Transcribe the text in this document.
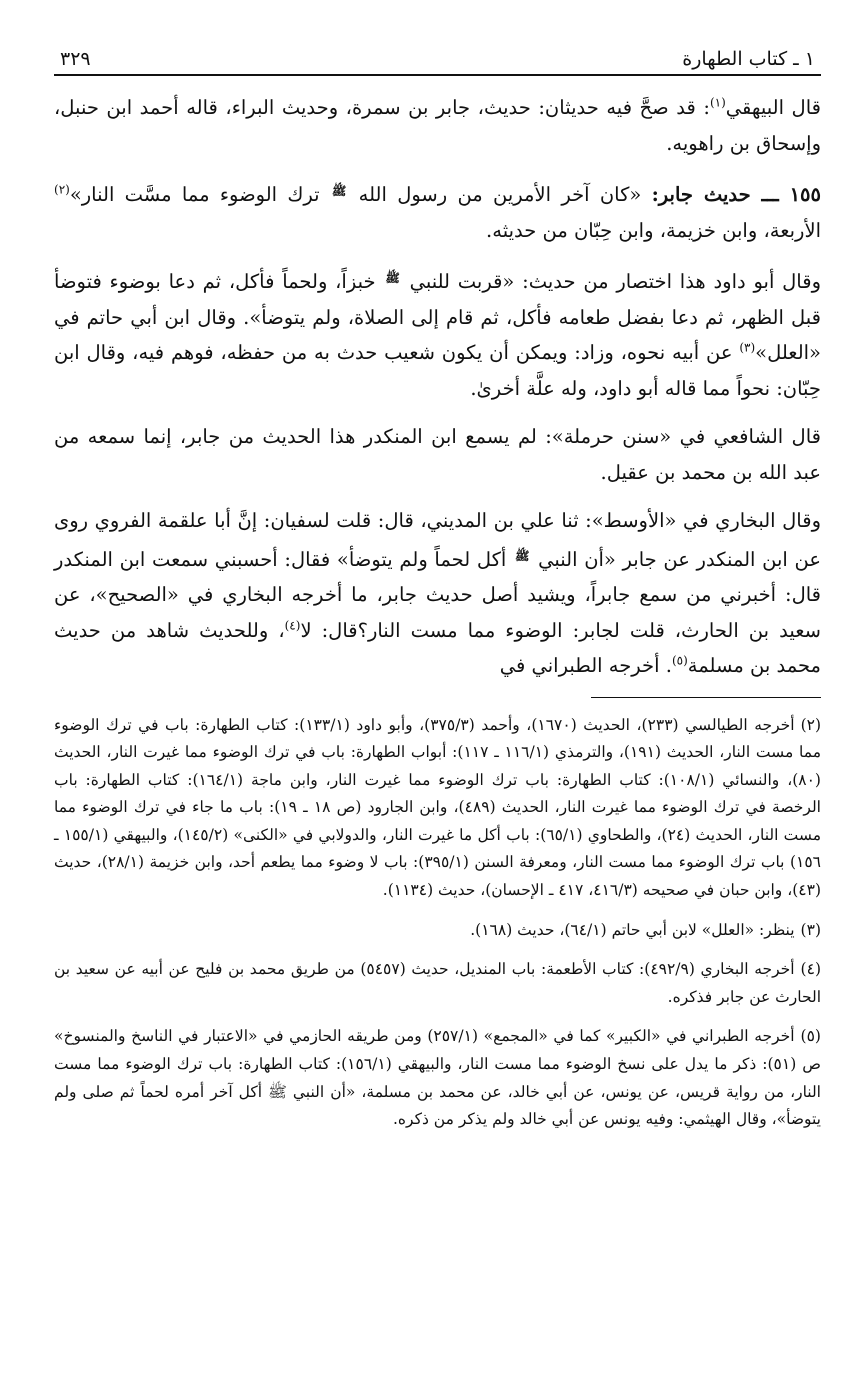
١ ـ كتاب الطهارة
٣٢٩

قال البيهقي$^{(١)}$: قد صحَّ فيه حديثان: حديث، جابر بن سمرة، وحديث البراء، قاله أحمد ابن حنبل، وإسحاق بن راهويه.

١٥٥ ـــ حديث جابر: «كان آخر الأمرين من رسول الله ﷺ ترك الوضوء مما مسَّت النار»$^{(٢)}$ الأربعة، وابن خزيمة، وابن حِبّان من حديثه.

وقال أبو داود هذا اختصار من حديث: «قربت للنبي ﷺ خبزاً، ولحماً فأكل، ثم دعا بوضوء فتوضأ قبل الظهر، ثم دعا بفضل طعامه فأكل، ثم قام إلى الصلاة، ولم يتوضأ». وقال ابن أبي حاتم في «العلل»$^{(٣)}$ عن أبيه نحوه، وزاد: ويمكن أن يكون شعيب حدث به من حفظه، فوهم فيه، وقال ابن حِبّان: نحواً مما قاله أبو داود، وله علَّة أخرىٰ.

قال الشافعي في «سنن حرملة»: لم يسمع ابن المنكدر هذا الحديث من جابر، إنما سمعه من عبد الله بن محمد بن عقيل.

وقال البخاري في «الأوسط»: ثنا علي بن المديني، قال: قلت لسفيان: إنَّ أبا علقمة الفروي روى عن ابن المنكدر عن جابر «أن النبي ﷺ أكل لحماً ولم يتوضأ» فقال: أحسبني سمعت ابن المنكدر قال: أخبرني من سمع جابراً، ويشيد أصل حديث جابر، ما أخرجه البخاري في «الصحيح»، عن سعيد بن الحارث، قلت لجابر: الوضوء مما مست النار؟قال: لا$^{(٤)}$، وللحديث شاهد من حديث محمد بن مسلمة$^{(٥)}$. أخرجه الطبراني في

(٢)أخرجه الطيالسي (٢٣٣)، الحديث (١٦٧٠)، وأحمد (٣٧٥/٣)، وأبو داود (١٣٣/١): كتاب الطهارة: باب في ترك الوضوء مما مست النار، الحديث (١٩١)، والترمذي (١١٦/١ ـ ١١٧): أبواب الطهارة: باب في ترك الوضوء مما غيرت النار، الحديث (٨٠)، والنسائي (١٠٨/١): كتاب الطهارة: باب ترك الوضوء مما غيرت النار، وابن ماجة (١٦٤/١): كتاب الطهارة: باب الرخصة في ترك الوضوء مما غيرت النار، الحديث (٤٨٩)، وابن الجارود (ص ١٨ ـ ١٩): باب ما جاء في ترك الوضوء مما مست النار، الحديث (٢٤)، والطحاوي (٦٥/١): باب أكل ما غيرت النار، والدولابي في «الكنى» (١٤٥/٢)، والبيهقي (١٥٥/١ ـ ١٥٦) باب ترك الوضوء مما مست النار، ومعرفة السنن (٣٩٥/١): باب لا وضوء مما يطعم أحد، وابن خزيمة (٢٨/١)، حديث (٤٣)، وابن حبان في صحيحه (٤١٦/٣، ٤١٧ ـ الإحسان)، حديث (١١٣٤).

(٣)ينظر: «العلل» لابن أبي حاتم (٦٤/١)، حديث (١٦٨).

(٤)أخرجه البخاري (٤٩٢/٩): كتاب الأطعمة: باب المنديل، حديث (٥٤٥٧) من طريق محمد بن فليح عن أبيه عن سعيد بن الحارث عن جابر فذكره.

(٥)أخرجه الطبراني في «الكبير» كما في «المجمع» (٢٥٧/١) ومن طريقه الحازمي في «الاعتبار في الناسخ والمنسوخ» ص (٥١): ذكر ما يدل على نسخ الوضوء مما مست النار، والبيهقي (١٥٦/١): كتاب الطهارة: باب ترك الوضوء مما مست النار، من رواية قريس، عن يونس، عن أبي خالد، عن محمد بن مسلمة، «أن النبي ﷺ أكل آخر أمره لحماً ثم صلى ولم يتوضأ»، وقال الهيثمي: وفيه يونس عن أبي خالد ولم يذكر من ذكره.
